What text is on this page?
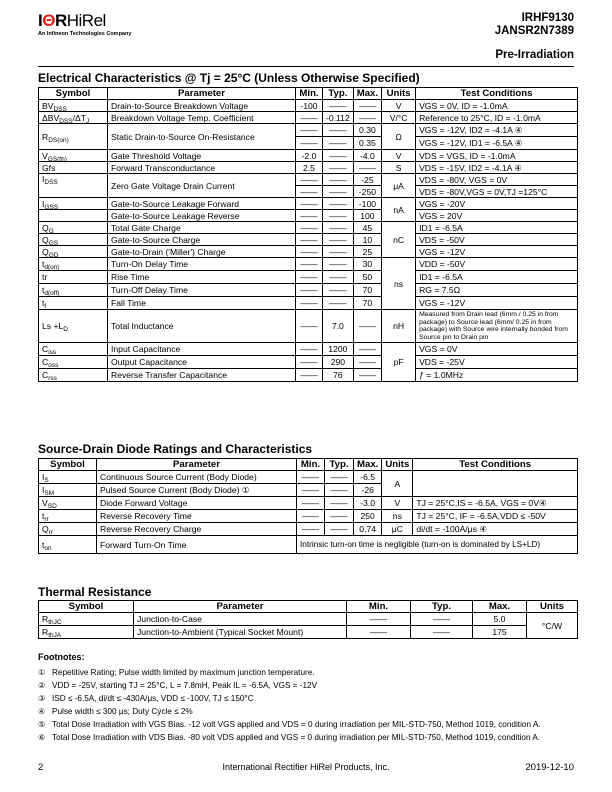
IΘRHiRel
An Infineon Technologies Company
IRHF9130
JANSR2N7389
Pre-Irradiation
Electrical Characteristics @ Tj = 25°C (Unless Otherwise Specified)
Symbol	Parameter	Min.	Typ.	Max.	Units	Test Conditions
$BV_{DSS}$	Drain-to-Source Breakdown Voltage	-100	——	——	V	VGS = 0V, ID = -1.0mA
$\Delta BV_{DSS}/\Delta T_J$	Breakdown Voltage Temp. Coefficient	——	-0.112	——	V/°C	Reference to 25°C, ID = -1.0mA
$R_{DS(on)}$	Static Drain-to-Source On-Resistance	——	——	0.30	Ω	VGS = -12V, ID2 = -4.1A ④
		——	——	0.35		VGS = -12V, ID1 = -6.5A ④
$V_{GS(th)}$	Gate Threshold Voltage	-2.0	——	-4.0	V	VDS = VGS, ID = -1.0mA
Gfs	Forward Transconductance	2.5	——	——	S	VDS = -15V, ID2 = -4.1A ④
$I_{DSS}$	Zero Gate Voltage Drain Current	——	——	-25	μA	VDS = -80V, VGS = 0V
		——	——	-250		VDS = -80V,VGS = 0V,TJ =125°C
$I_{GSS}$	Gate-to-Source Leakage Forward	——	——	-100	nA	VGS = -20V
	Gate-to-Source Leakage Reverse	——	——	100		VGS = 20V
$Q_G$	Total Gate Charge	——	——	45	nC	ID1 = -6.5A
$Q_{GS}$	Gate-to-Source Charge	——	——	10		VDS = -50V
$Q_{GD}$	Gate-to-Drain ('Miller') Charge	——	——	25		VGS = -12V
$t_{d(on)}$	Turn-On Delay Time	——	——	30	ns	VDD = -50V
tr	Rise Time	——	——	50		ID1 = -6.5A
$t_{d(off)}$	Turn-Off Delay Time	——	——	70		RG = 7.5Ω
$t_f$	Fall Time	——	——	70		VGS = -12V
$Ls +L_D$	Total Inductance	——	7.0	——	nH	Measured from Drain lead (6mm / 0.25 in from package) to Source lead (6mm/ 0.25 in from package) with Source wire internally bonded from Source pin to Drain pin
$C_{iss}$	Input Capacitance	——	1200	——	pF	VGS = 0V
$C_{oss}$	Output Capacitance	——	290	——		VDS = -25V
$C_{rss}$	Reverse Transfer Capacitance	——	76	——		ƒ = 1.0MHz
Source-Drain Diode Ratings and Characteristics
Symbol	Parameter	Min.	Typ.	Max.	Units	Test Conditions
$I_S$	Continuous Source Current (Body Diode)	——	——	-6.5	A	
$I_{SM}$	Pulsed Source Current (Body Diode) ①	——	——	-26		
$V_{SD}$	Diode Forward Voltage	——	——	-3.0	V	TJ = 25°C,IS = -6.5A, VGS = 0V④
$t_{rr}$	Reverse Recovery Time	——	——	250	ns	TJ = 25°C, IF = -6.5A,VDD ≤ -50V
$Q_{rr}$	Reverse Recovery Charge	——	——	0.74	μC	di/dt = -100A/μs ④
$t_{on}$	Forward Turn-On Time	Intrinsic turn-on time is negligible (turn-on is dominated by LS+LD)				
Thermal Resistance
Symbol	Parameter	Min.	Typ.	Max.	Units
$R_{thJC}$	Junction-to-Case	——	——	5.0	°C/W
$R_{thJA}$	Junction-to-Ambient (Typical Socket Mount)	——	——	175	
Footnotes:
① Repetitive Rating; Pulse width limited by maximum junction temperature.
② VDD = -25V, starting TJ = 25°C, L = 7.8mH, Peak IL = -6.5A, VGS = -12V
③ ISD ≤ -6.5A, di/dt ≤ -430A/μs, VDD ≤ -100V, TJ ≤ 150°C
④ Pulse width ≤ 300 μs; Duty Cycle ≤ 2%
⑤ Total Dose Irradiation with VGS Bias. -12 volt VGS applied and VDS = 0 during irradiation per MIL-STD-750, Method 1019, condition A.
⑥ Total Dose Irradiation with VDS Bias. -80 volt VDS applied and VGS = 0 during irradiation per MIL-STD-750, Method 1019, condition A.
2	International Rectifier HiRel Products, Inc.	2019-12-10
